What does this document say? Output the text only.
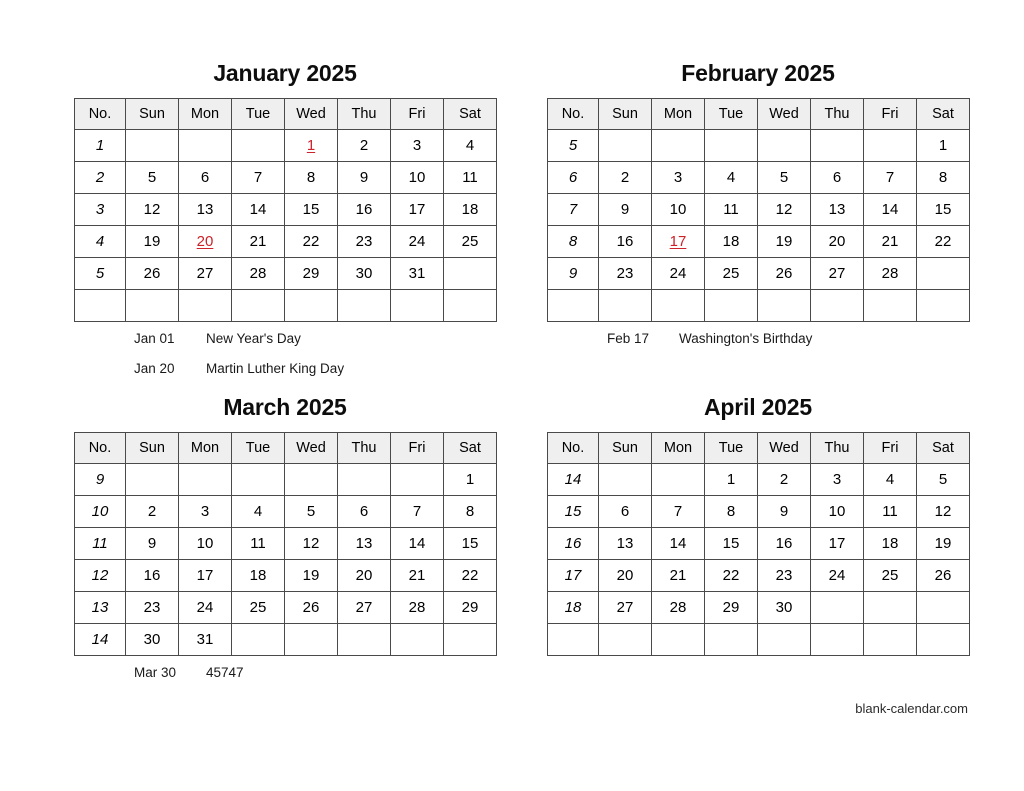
January 2025
No.	Sun	Mon	Tue	Wed	Thu	Fri	Sat
1				1	2	3	4
2	5	6	7	8	9	10	11
3	12	13	14	15	16	17	18
4	19	20	21	22	23	24	25
5	26	27	28	29	30	31	

Jan 01	New Year's Day
Jan 20	Martin Luther King Day
February 2025
No.	Sun	Mon	Tue	Wed	Thu	Fri	Sat
5							1
6	2	3	4	5	6	7	8
7	9	10	11	12	13	14	15
8	16	17	18	19	20	21	22
9	23	24	25	26	27	28	

Feb 17	Washington's Birthday
March 2025
No.	Sun	Mon	Tue	Wed	Thu	Fri	Sat
9							1
10	2	3	4	5	6	7	8
11	9	10	11	12	13	14	15
12	16	17	18	19	20	21	22
13	23	24	25	26	27	28	29
14	30	31					
Mar 30	45747
April 2025
No.	Sun	Mon	Tue	Wed	Thu	Fri	Sat
14			1	2	3	4	5
15	6	7	8	9	10	11	12
16	13	14	15	16	17	18	19
17	20	21	22	23	24	25	26
18	27	28	29	30			

blank-calendar.com
